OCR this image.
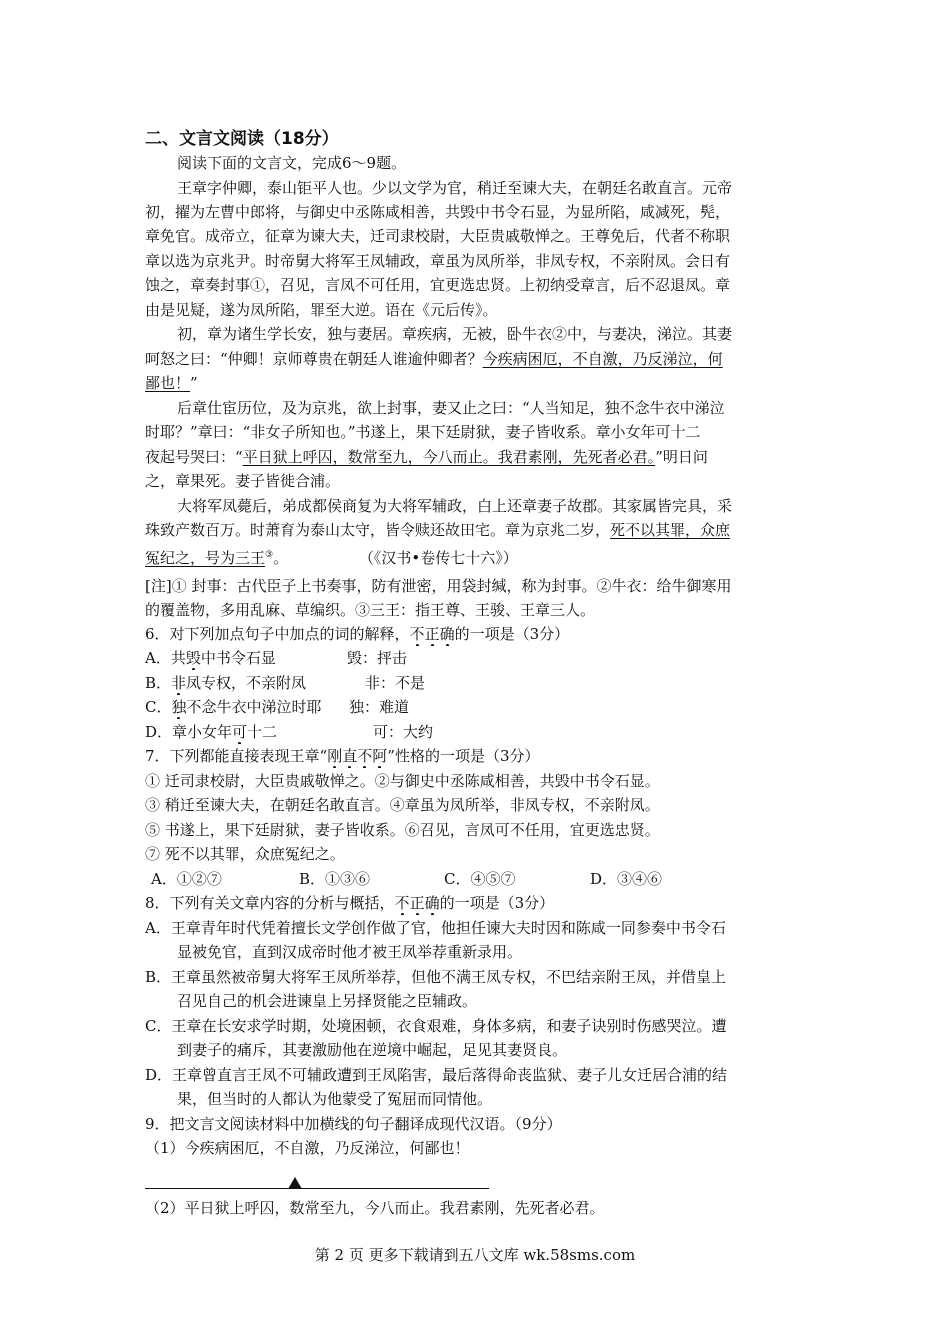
二、文言文阅读（18分）
阅读下面的文言文，完成6～9题。
王章字仲卿，泰山钜平人也。少以文学为官，稍迁至谏大夫，在朝廷名敢直言。元帝
初，擢为左曹中郎将，与御史中丞陈咸相善，共毁中书令石显，为显所陷，咸减死，髡，
章免官。成帝立，征章为谏大夫，迁司隶校尉，大臣贵戚敬惮之。王尊免后，代者不称职
章以选为京兆尹。时帝舅大将军王凤辅政，章虽为凤所举，非凤专权，不亲附凤。会日有
蚀之，章奏封事①，召见，言凤不可任用，宜更选忠贤。上初纳受章言，后不忍退凤。章
由是见疑，遂为凤所陷，罪至大逆。语在《元后传》。
初，章为诸生学长安，独与妻居。章疾病，无被，卧牛衣②中，与妻决，涕泣。其妻
呵怒之曰：“仲卿！京师尊贵在朝廷人谁逾仲卿者？今疾病困厄，不自激，乃反涕泣，何
鄙也！”
后章仕宦历位，及为京兆，欲上封事，妻又止之曰：“人当知足，独不念牛衣中涕泣
时耶？”章曰：“非女子所知也。”书遂上，果下廷尉狱，妻子皆收系。章小女年可十二
夜起号哭曰：“平日狱上呼囚，数常至九，今八而止。我君素刚，先死者必君。”明日问
之，章果死。妻子皆徙合浦。
大将军凤薨后，弟成都侯商复为大将军辅政，白上还章妻子故郡。其家属皆完具，采
珠致产数百万。时萧育为泰山太守，皆令赎还故田宅。章为京兆二岁，死不以其罪，众庶
冤纪之，号为三王③。	（《汉书•卷传七十六》）
[注]① 封事：古代臣子上书奏事，防有泄密，用袋封缄，称为封事。②牛衣：给牛御寒用
的覆盖物，多用乱麻、草编织。③三王：指王尊、王骏、王章三人。
6．对下列加点句子中加点的词的解释，不正确的一项是（3分）
A．共毁中书令石显	毁：抨击
B．非凤专权，不亲附凤	非：不是
C．独不念牛衣中涕泣时耶 独：难道
D．章小女年可十二	可：大约
7．下列都能直接表现王章“刚直不阿”性格的一项是（3分）
① 迁司隶校尉，大臣贵戚敬惮之。②与御史中丞陈咸相善，共毁中书令石显。
③ 稍迁至谏大夫，在朝廷名敢直言。④章虽为凤所举，非凤专权，不亲附凤。
⑤ 书遂上，果下廷尉狱，妻子皆收系。⑥召见，言凤可不任用，宜更选忠贤。
⑦ 死不以其罪，众庶冤纪之。
A．①②⑦	B．①③⑥	C．④⑤⑦	D．③④⑥
8．下列有关文章内容的分析与概括，不正确的一项是（3分）
A．王章青年时代凭着擅长文学创作做了官，他担任谏大夫时因和陈咸一同参奏中书令石
显被免官，直到汉成帝时他才被王凤举荐重新录用。
B．王章虽然被帝舅大将军王凤所举荐，但他不满王凤专权，不巴结亲附王凤，并借皇上
召见自己的机会进谏皇上另择贤能之臣辅政。
C．王章在长安求学时期，处境困顿，衣食艰难，身体多病，和妻子诀别时伤感哭泣。遭
到妻子的痛斥，其妻激励他在逆境中崛起，足见其妻贤良。
D．王章曾直言王凤不可辅政遭到王凤陷害，最后落得命丧监狱、妻子儿女迁居合浦的结
果，但当时的人都认为他蒙受了冤屈而同情他。
9．把文言文阅读材料中加横线的句子翻译成现代汉语。（9分）
（1）今疾病困厄，不自激，乃反涕泣，何鄙也！
（2）平日狱上呼囚，数常至九，今八而止。我君素刚，先死者必君。
第 2 页 更多下载请到五八文库 wk.58sms.com
